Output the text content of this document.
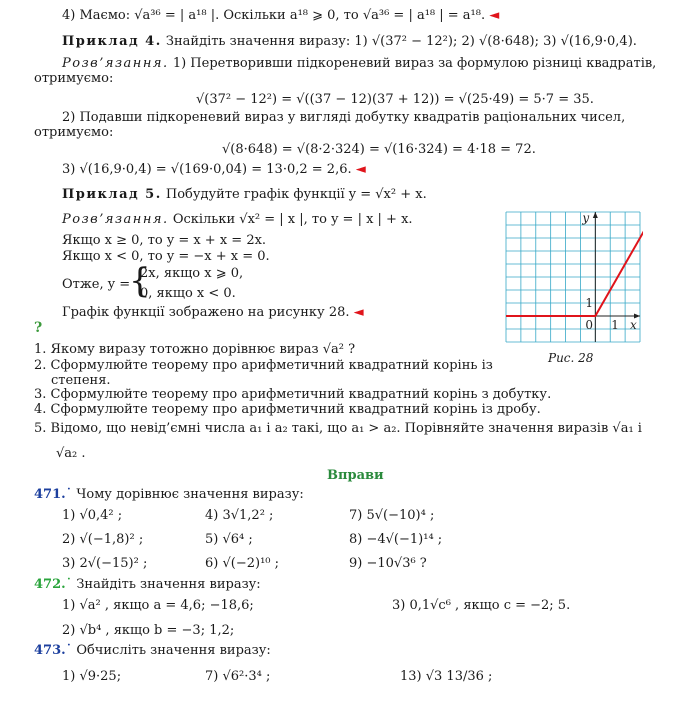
4) Маємо: √a³⁶ = | a¹⁸ |. Оскільки a¹⁸ ⩾ 0, то √a³⁶ = | a¹⁸ | = a¹⁸. ◄
Приклад 4. Знайдіть значення виразу: 1) √(37² − 12²); 2) √(8·648); 3) √(16,9·0,4).
Розв’язання. 1) Перетворивши підкореневий вираз за формулою різниці квадратів,
отримуємо:
√(37² − 12²) = √((37 − 12)(37 + 12)) = √(25·49) = 5·7 = 35.
2) Подавши підкореневий вираз у вигляді добутку квадратів раціональних чисел,
отримуємо:
√(8·648) = √(8·2·324) = √(16·324) = 4·18 = 72.
3) √(16,9·0,4) = √(169·0,04) = 13·0,2 = 2,6. ◄
Приклад 5. Побудуйте графік функції y = √x² + x.
Розв’язання. Оскільки √x² = | x |, то y = | x | + x.
Якщо x ≥ 0, то y = x + x = 2x.
Якщо x < 0, то y = −x + x = 0.
Отже, y =
{
2x, якщо x ⩾ 0,
0, якщо x < 0.
Графік функції зображено на рисунку 28. ◄
y
x
0 1
1
Рис. 28
?
1. Якому виразу тотожно дорівнює вираз √a² ?
2. Сформулюйте теорему про арифметичний квадратний корінь із
степеня.
3. Сформулюйте теорему про арифметичний квадратний корінь з добутку.
4. Сформулюйте теорему про арифметичний квадратний корінь із дробу.
5. Відомо, що невід’ємні числа a₁ і a₂ такі, що a₁ > a₂. Порівняйте значення виразів √a₁ і
√a₂ .
Вправи
471.˙ Чому дорівнює значення виразу:
1) √0,4² ;
2) √(−1,8)² ;
3) 2√(−15)² ;
4) 3√1,2² ;
5) √6⁴ ;
6) √(−2)¹⁰ ;
7) 5√(−10)⁴ ;
8) −4√(−1)¹⁴ ;
9) −10√3⁶ ?
472.˙ Знайдіть значення виразу:
1) √a² , якщо a = 4,6; −18,6;	3) 0,1√c⁶ , якщо c = −2; 5.
2) √b⁴ , якщо b = −3; 1,2;
473.˙ Обчисліть значення виразу:
1) √9·25;	7) √6²·3⁴ ;	13) √3 13/36 ;
